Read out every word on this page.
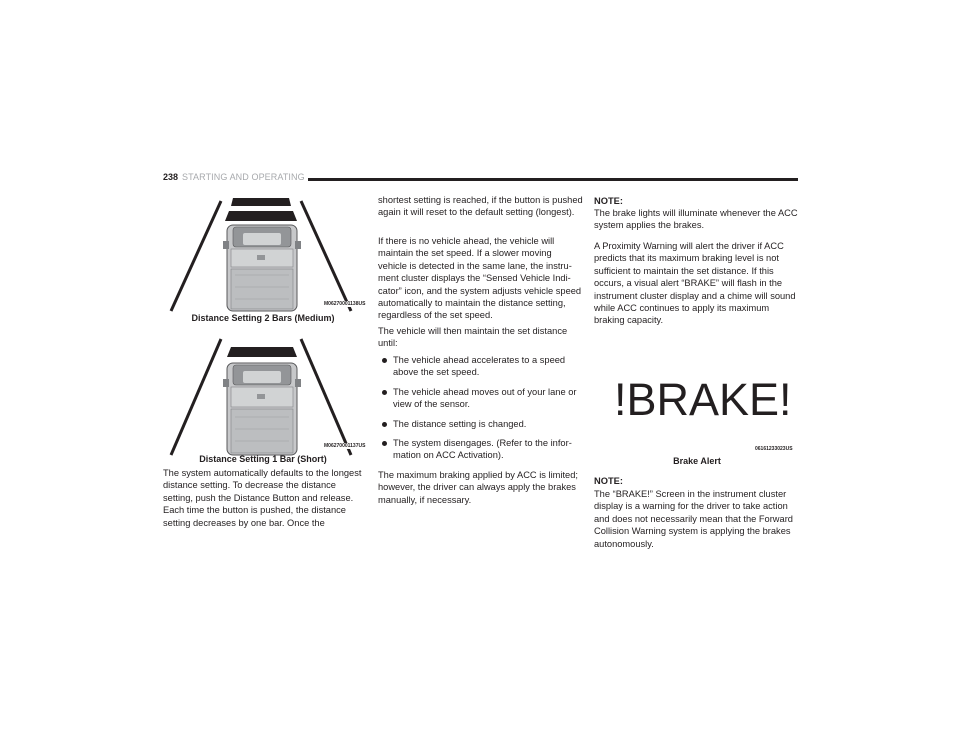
238 STARTING AND OPERATING
M06270001138US
Distance Setting 2 Bars (Medium)
M06270001137US
Distance Setting 1 Bar (Short)

The system automatically defaults to the longest distance setting. To decrease the distance setting, push the Distance Button and release. Each time the button is pushed, the distance setting decreases by one bar. Once the

shortest setting is reached, if the button is pushed again it will reset to the default setting (longest).

If there is no vehicle ahead, the vehicle will maintain the set speed. If a slower moving vehicle is detected in the same lane, the instru-ment cluster displays the “Sensed Vehicle Indi-cator” icon, and the system adjusts vehicle speed automatically to maintain the distance setting, regardless of the set speed.

The vehicle will then maintain the set distance until:

The vehicle ahead accelerates to a speed above the set speed.
The vehicle ahead moves out of your lane or view of the sensor.
The distance setting is changed.
The system disengages. (Refer to the infor-mation on ACC Activation).

The maximum braking applied by ACC is limited; however, the driver can always apply the brakes manually, if necessary.

NOTE:

The brake lights will illuminate whenever the ACC system applies the brakes.

A Proximity Warning will alert the driver if ACC predicts that its maximum braking level is not sufficient to maintain the set distance. If this occurs, a visual alert “BRAKE” will flash in the instrument cluster display and a chime will sound while ACC continues to apply its maximum braking capacity.

!BRAKE!
06161233023US
Brake Alert
NOTE:

The “BRAKE!” Screen in the instrument cluster display is a warning for the driver to take action and does not necessarily mean that the Forward Collision Warning system is applying the brakes autonomously.
